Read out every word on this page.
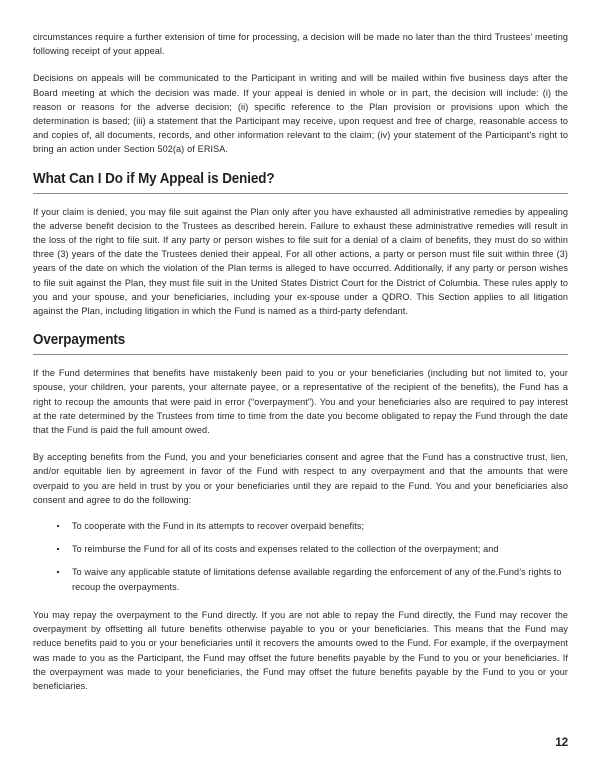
circumstances require a further extension of time for processing, a decision will be made no later than the third Trustees’ meeting following receipt of your appeal.

Decisions on appeals will be communicated to the Participant in writing and will be mailed within five business days after the Board meeting at which the decision was made. If your appeal is denied in whole or in part, the decision will include: (i) the reason or reasons for the adverse decision; (ii) specific reference to the Plan provision or provisions upon which the determination is based; (iii) a statement that the Participant may receive, upon request and free of charge, reasonable access to and copies of, all documents, records, and other information relevant to the claim; (iv) your statement of the Participant’s right to bring an action under Section 502(a) of ERISA.

What Can I Do if My Appeal is Denied?

If your claim is denied, you may file suit against the Plan only after you have exhausted all administrative remedies by appealing the adverse benefit decision to the Trustees as described herein. Failure to exhaust these administrative remedies will result in the loss of the right to file suit. If any party or person wishes to file suit for a denial of a claim of benefits, they must do so within three (3) years of the date the Trustees denied their appeal. For all other actions, a party or person must file suit within three (3) years of the date on which the violation of the Plan terms is alleged to have occurred. Additionally, if any party or person wishes to file suit against the Plan, they must file suit in the United States District Court for the District of Columbia. These rules apply to you and your spouse, and your beneficiaries, including your ex-spouse under a QDRO. This Section applies to all litigation against the Plan, including litigation in which the Fund is named as a third-party defendant.

Overpayments

If the Fund determines that benefits have mistakenly been paid to you or your beneficiaries (including but not limited to, your spouse, your children, your parents, your alternate payee, or a representative of the recipient of the benefits), the Fund has a right to recoup the amounts that were paid in error (“overpayment”). You and your beneficiaries also are required to pay interest at the rate determined by the Trustees from time to time from the date you become obligated to repay the Fund through the date that the Fund is paid the full amount owed.

By accepting benefits from the Fund, you and your beneficiaries consent and agree that the Fund has a constructive trust, lien, and/or equitable lien by agreement in favor of the Fund with respect to any overpayment and that the amounts that were overpaid to you are held in trust by you or your beneficiaries until they are repaid to the Fund. You and your beneficiaries also consent and agree to do the following:

To cooperate with the Fund in its attempts to recover overpaid benefits;
To reimburse the Fund for all of its costs and expenses related to the collection of the overpayment; and
To waive any applicable statute of limitations defense available regarding the enforcement of any of the.Fund’s rights to recoup the overpayments.

You may repay the overpayment to the Fund directly. If you are not able to repay the Fund directly, the Fund may recover the overpayment by offsetting all future benefits otherwise payable to you or your beneficiaries. This means that the Fund may reduce benefits paid to you or your beneficiaries until it recovers the amounts owed to the Fund. For example, if the overpayment was made to you as the Participant, the Fund may offset the future benefits payable by the Fund to you or your beneficiaries. If the overpayment was made to your beneficiaries, the Fund may offset the future benefits payable by the Fund to you or your beneficiaries.

12
